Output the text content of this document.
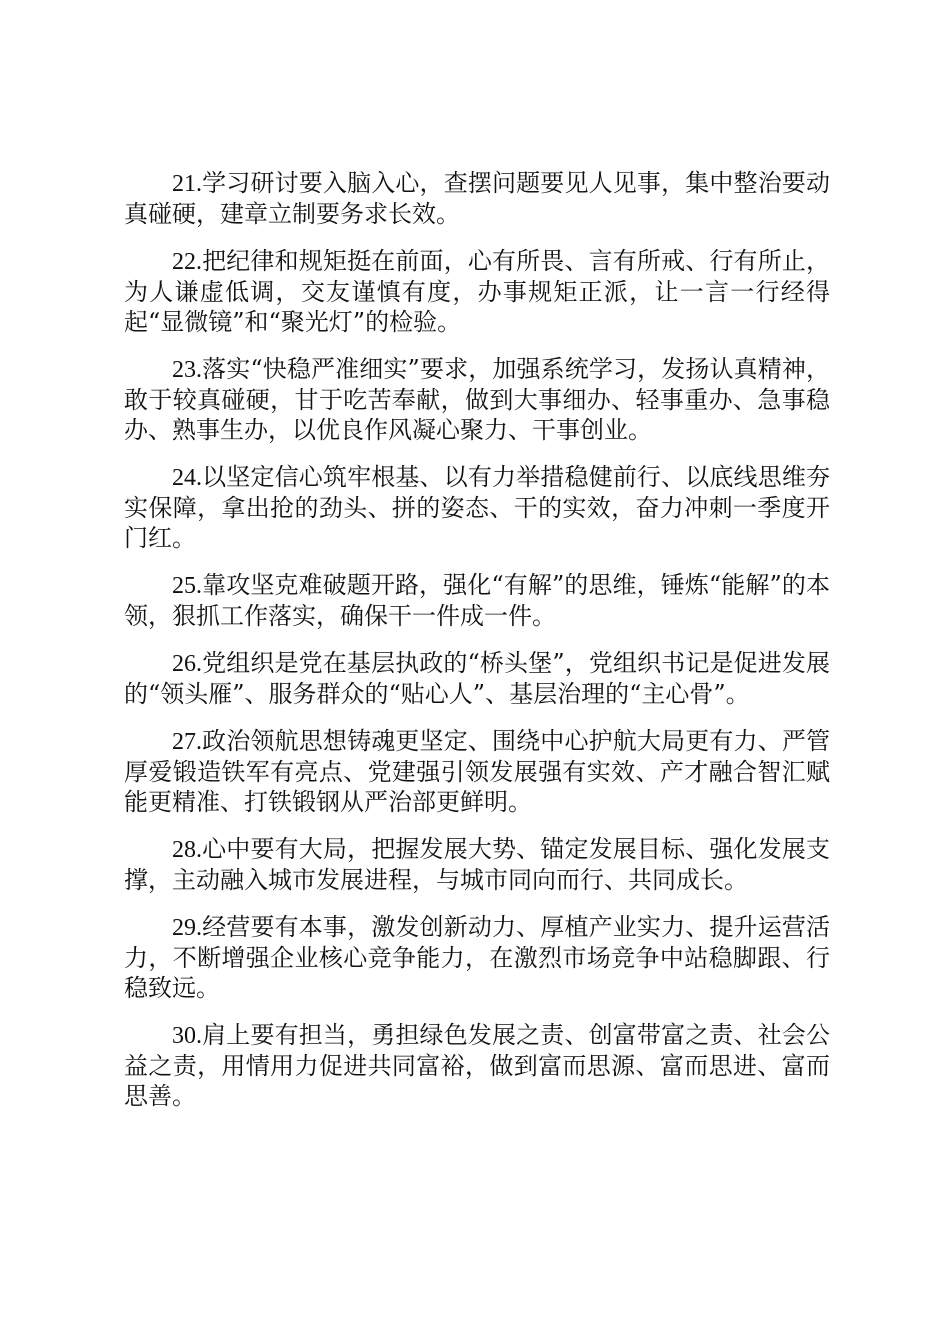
21.学习研讨要入脑入心，查摆问题要见人见事，集中整治要动真碰硬，建章立制要务求长效。

22.把纪律和规矩挺在前面，心有所畏、言有所戒、行有所止，为人谦虚低调，交友谨慎有度，办事规矩正派，让一言一行经得起“显微镜”和“聚光灯”的检验。

23.落实“快稳严准细实”要求，加强系统学习，发扬认真精神，敢于较真碰硬，甘于吃苦奉献，做到大事细办、轻事重办、急事稳办、熟事生办，以优良作风凝心聚力、干事创业。

24.以坚定信心筑牢根基、以有力举措稳健前行、以底线思维夯实保障，拿出抢的劲头、拼的姿态、干的实效，奋力冲刺一季度开门红。

25.靠攻坚克难破题开路，强化“有解”的思维，锤炼“能解”的本领，狠抓工作落实，确保干一件成一件。

26.党组织是党在基层执政的“桥头堡”，党组织书记是促进发展的“领头雁”、服务群众的“贴心人”、基层治理的“主心骨”。

27.政治领航思想铸魂更坚定、围绕中心护航大局更有力、严管厚爱锻造铁军有亮点、党建强引领发展强有实效、产才融合智汇赋能更精准、打铁锻钢从严治部更鲜明。

28.心中要有大局，把握发展大势、锚定发展目标、强化发展支撑，主动融入城市发展进程，与城市同向而行、共同成长。

29.经营要有本事，激发创新动力、厚植产业实力、提升运营活力，不断增强企业核心竞争能力，在激烈市场竞争中站稳脚跟、行稳致远。

30.肩上要有担当，勇担绿色发展之责、创富带富之责、社会公益之责，用情用力促进共同富裕，做到富而思源、富而思进、富而思善。
